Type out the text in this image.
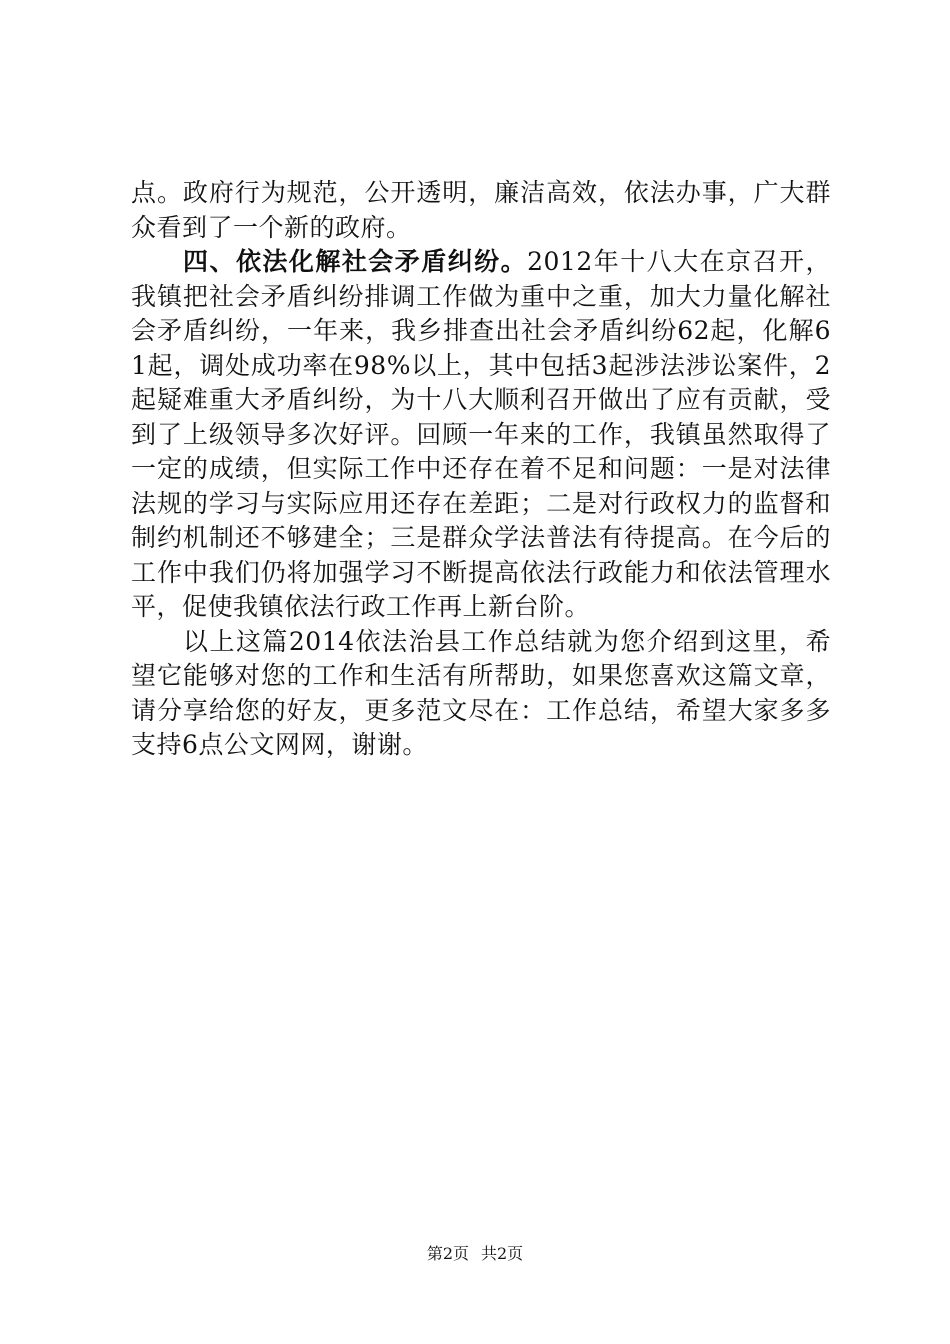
点。政府行为规范，公开透明，廉洁高效，依法办事，广大群众看到了一个新的政府。

四、依法化解社会矛盾纠纷。2012年十八大在京召开，我镇把社会矛盾纠纷排调工作做为重中之重，加大力量化解社会矛盾纠纷，一年来，我乡排查出社会矛盾纠纷62起，化解61起，调处成功率在98%以上，其中包括3起涉法涉讼案件，2起疑难重大矛盾纠纷，为十八大顺利召开做出了应有贡献，受到了上级领导多次好评。回顾一年来的工作，我镇虽然取得了一定的成绩，但实际工作中还存在着不足和问题：一是对法律法规的学习与实际应用还存在差距；二是对行政权力的监督和制约机制还不够建全；三是群众学法普法有待提高。在今后的工作中我们仍将加强学习不断提高依法行政能力和依法管理水平，促使我镇依法行政工作再上新台阶。

以上这篇2014依法治县工作总结就为您介绍到这里，希望它能够对您的工作和生活有所帮助，如果您喜欢这篇文章，请分享给您的好友，更多范文尽在：工作总结，希望大家多多支持6点公文网网，谢谢。

第2页 共2页
